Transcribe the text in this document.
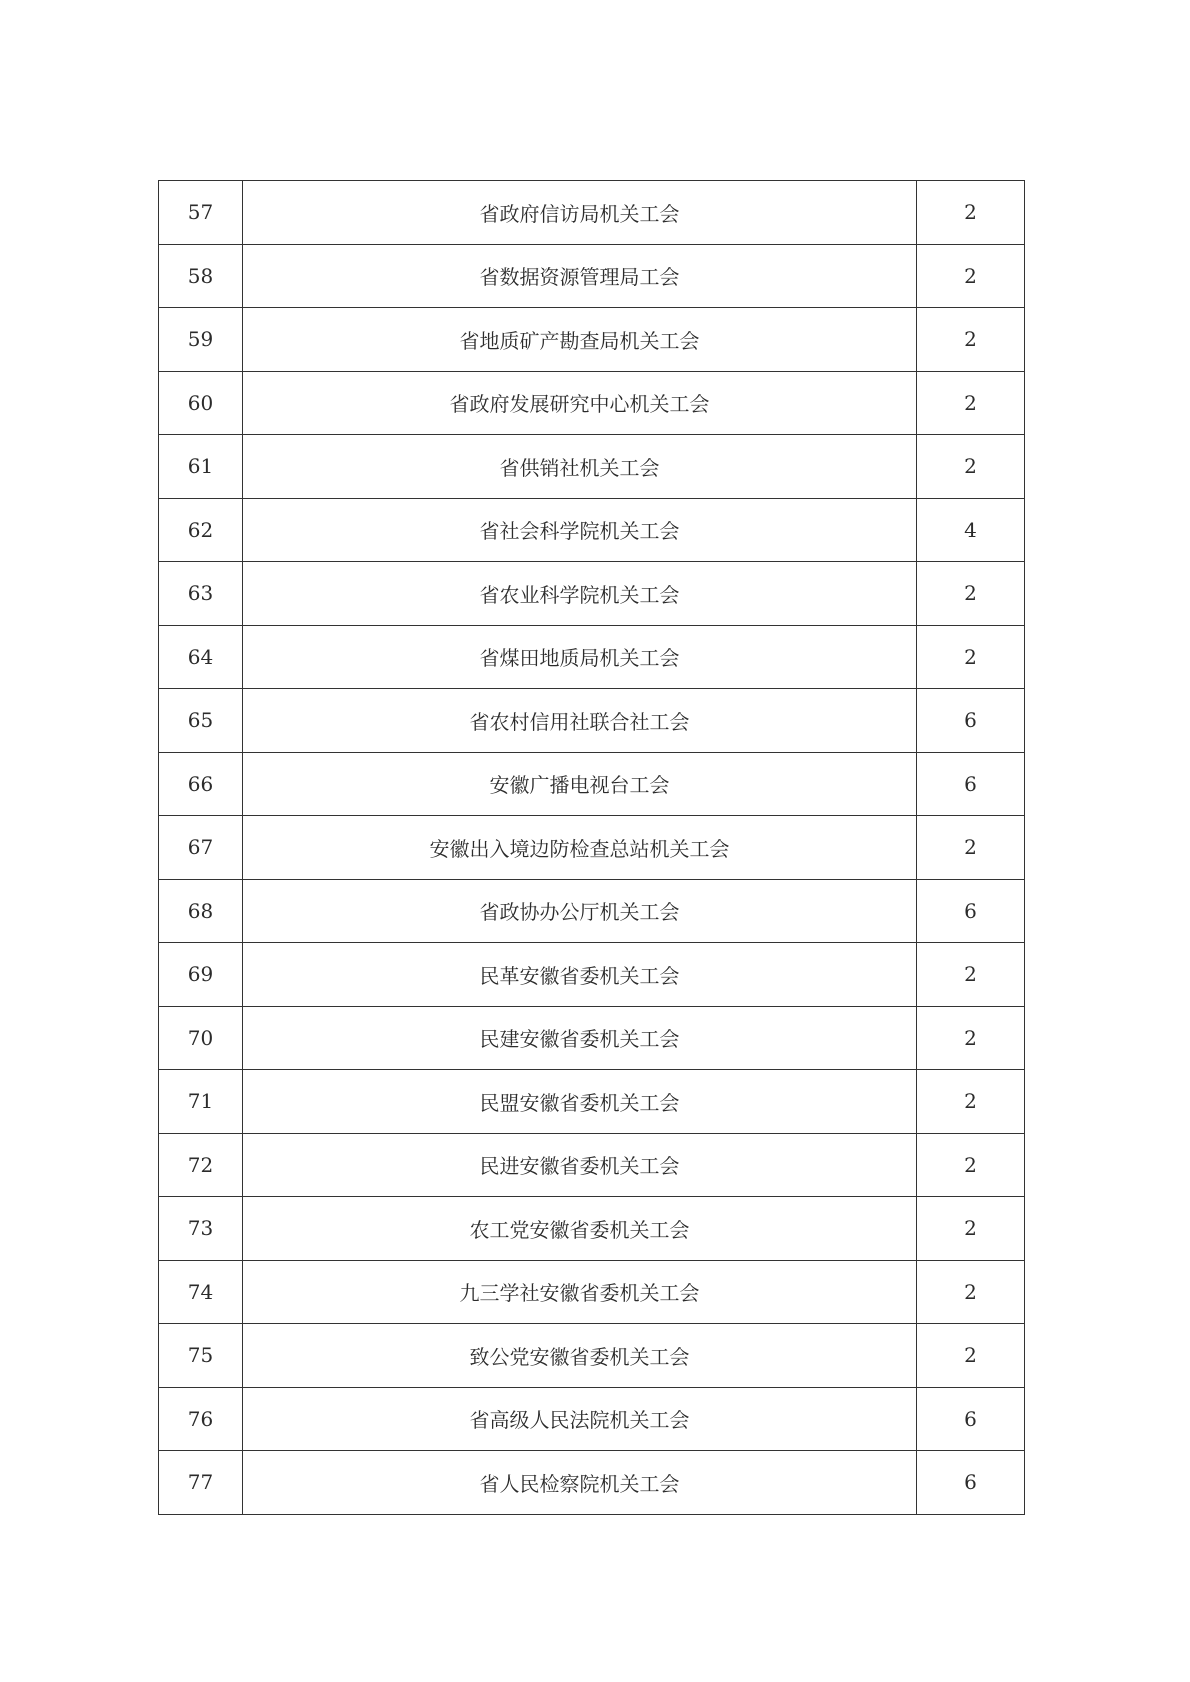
57	省政府信访局机关工会	2
58	省数据资源管理局工会	2
59	省地质矿产勘查局机关工会	2
60	省政府发展研究中心机关工会	2
61	省供销社机关工会	2
62	省社会科学院机关工会	4
63	省农业科学院机关工会	2
64	省煤田地质局机关工会	2
65	省农村信用社联合社工会	6
66	安徽广播电视台工会	6
67	安徽出入境边防检查总站机关工会	2
68	省政协办公厅机关工会	6
69	民革安徽省委机关工会	2
70	民建安徽省委机关工会	2
71	民盟安徽省委机关工会	2
72	民进安徽省委机关工会	2
73	农工党安徽省委机关工会	2
74	九三学社安徽省委机关工会	2
75	致公党安徽省委机关工会	2
76	省高级人民法院机关工会	6
77	省人民检察院机关工会	6
